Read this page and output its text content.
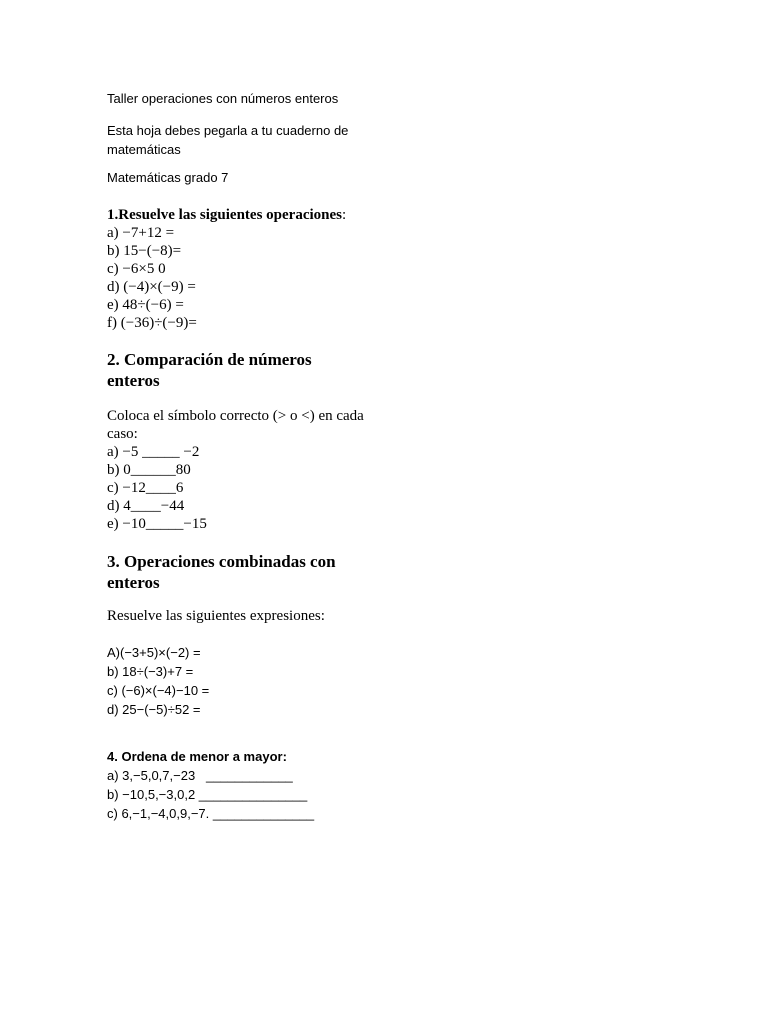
Taller operaciones con números enteros

Esta hoja debes pegarla a tu cuaderno de matemáticas

Matemáticas grado 7

1.Resuelve las siguientes operaciones:
a) −7+12 =
b) 15−(−8)=
c) −6×5 0
d) (−4)×(−9) =
e) 48÷(−6) =
f) (−36)÷(−9)=
2. Comparación de números enteros
Coloca el símbolo correcto (> o <) en cada caso:
a) −5 _____ −2
b) 0______80
c) −12____6
d) 4____−44
e) −10_____−15
3. Operaciones combinadas con enteros
Resuelve las siguientes expresiones:
A)(−3+5)×(−2) =
b) 18÷(−3)+7 =
c) (−6)×(−4)−10 =
d) 25−(−5)÷52 =
4. Ordena de menor a mayor:
a) 3,−5,0,7,−23   ____________
b) −10,5,−3,0,2 _______________
c) 6,−1,−4,0,9,−7. ______________
